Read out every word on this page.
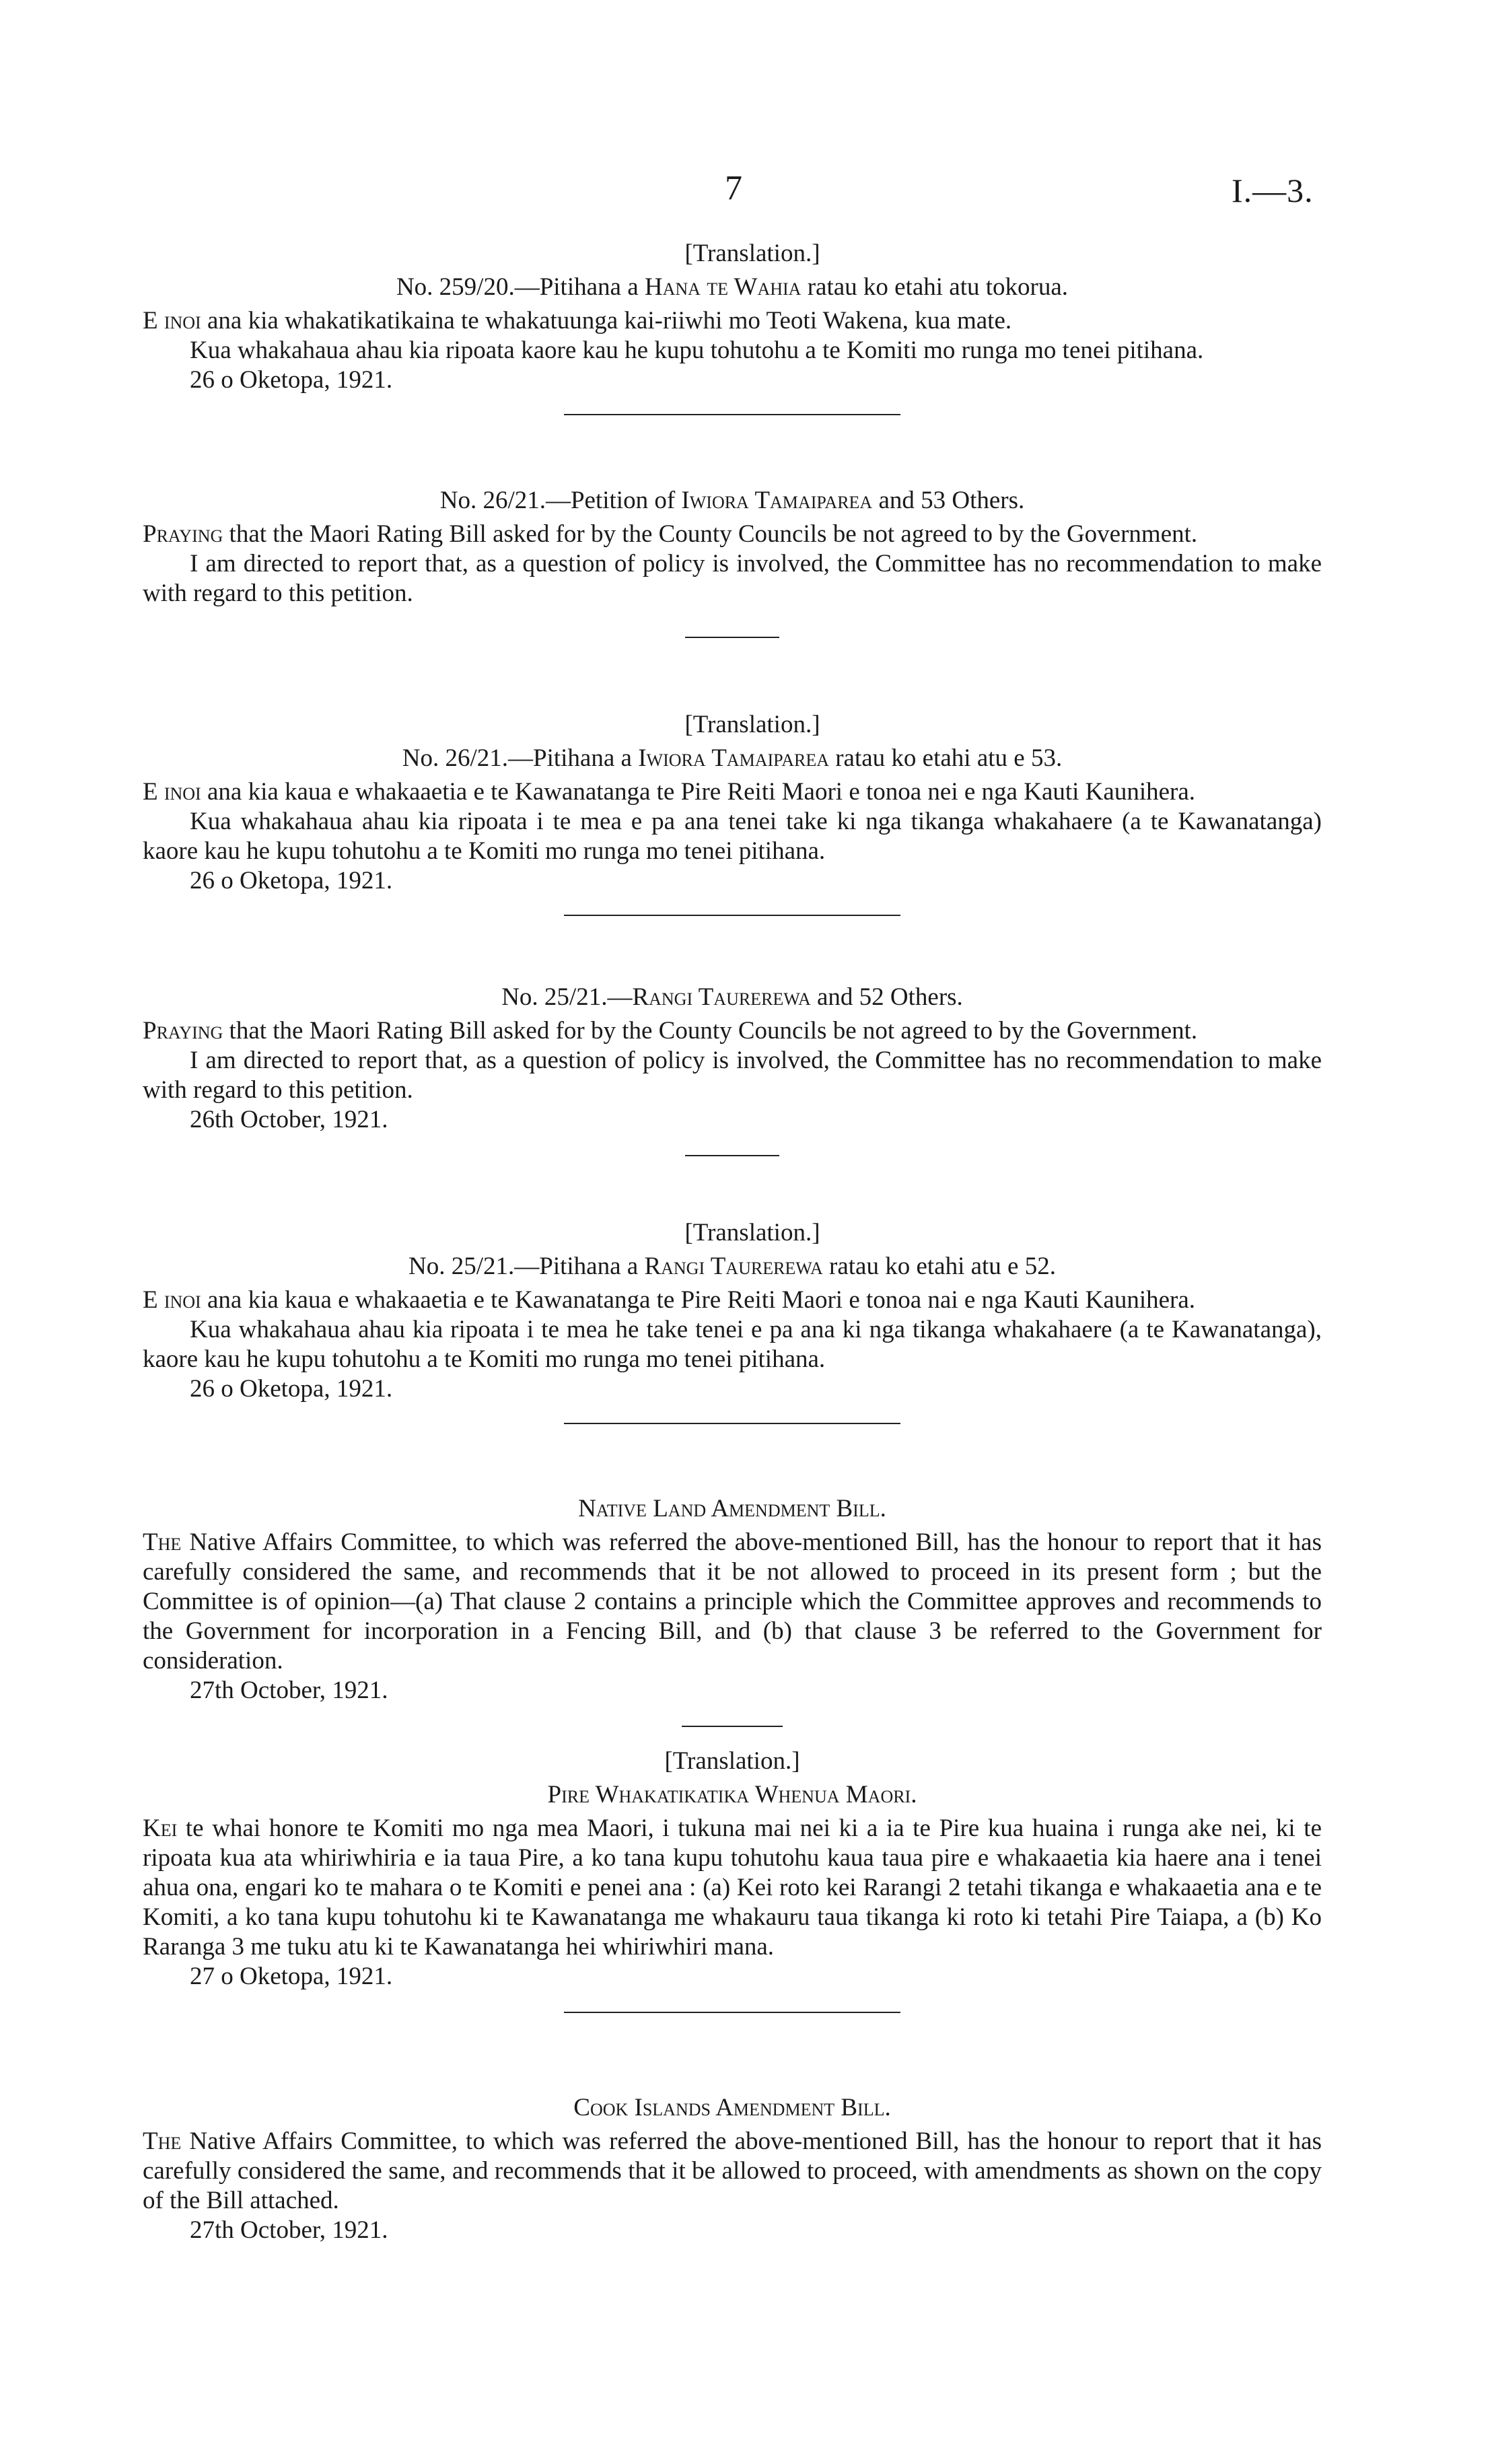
7	I.—3.
[Translation.]
No. 259/20.—Pitihana a Hana te Wahia ratau ko etahi atu tokorua.

E inoi ana kia whakatikatikaina te whakatuunga kai-riiwhi mo Teoti Wakena, kua mate.

Kua whakahaua ahau kia ripoata kaore kau he kupu tohutohu a te Komiti mo runga mo tenei pitihana.

26 o Oketopa, 1921.
No. 26/21.—Petition of Iwiora Tamaiparea and 53 Others.

Praying that the Maori Rating Bill asked for by the County Councils be not agreed to by the Government.

I am directed to report that, as a question of policy is involved, the Committee has no recommendation to make with regard to this petition.

[Translation.]
No. 26/21.—Pitihana a Iwiora Tamaiparea ratau ko etahi atu e 53.

E inoi ana kia kaua e whakaaetia e te Kawanatanga te Pire Reiti Maori e tonoa nei e nga Kauti Kaunihera.

Kua whakahaua ahau kia ripoata i te mea e pa ana tenei take ki nga tikanga whakahaere (a te Kawanatanga) kaore kau he kupu tohutohu a te Komiti mo runga mo tenei pitihana.

26 o Oketopa, 1921.
No. 25/21.—Rangi Taurerewa and 52 Others.

Praying that the Maori Rating Bill asked for by the County Councils be not agreed to by the Government.

I am directed to report that, as a question of policy is involved, the Committee has no recommendation to make with regard to this petition.

26th October, 1921.
[Translation.]
No. 25/21.—Pitihana a Rangi Taurerewa ratau ko etahi atu e 52.

E inoi ana kia kaua e whakaaetia e te Kawanatanga te Pire Reiti Maori e tonoa nai e nga Kauti Kaunihera.

Kua whakahaua ahau kia ripoata i te mea he take tenei e pa ana ki nga tikanga whakahaere (a te Kawanatanga), kaore kau he kupu tohutohu a te Komiti mo runga mo tenei pitihana.

26 o Oketopa, 1921.
Native Land Amendment Bill.

The Native Affairs Committee, to which was referred the above-mentioned Bill, has the honour to report that it has carefully considered the same, and recommends that it be not allowed to proceed in its present form ; but the Committee is of opinion—(a) That clause 2 contains a principle which the Committee approves and recommends to the Government for incorporation in a Fencing Bill, and (b) that clause 3 be referred to the Government for consideration.

27th October, 1921.
[Translation.]
Pire Whakatikatika Whenua Maori.

Kei te whai honore te Komiti mo nga mea Maori, i tukuna mai nei ki a ia te Pire kua huaina i runga ake nei, ki te ripoata kua ata whiriwhiria e ia taua Pire, a ko tana kupu tohutohu kaua taua pire e whakaaetia kia haere ana i tenei ahua ona, engari ko te mahara o te Komiti e penei ana : (a) Kei roto kei Rarangi 2 tetahi tikanga e whakaaetia ana e te Komiti, a ko tana kupu tohutohu ki te Kawanatanga me whakauru taua tikanga ki roto ki tetahi Pire Taiapa, a (b) Ko Raranga 3 me tuku atu ki te Kawanatanga hei whiriwhiri mana.

27 o Oketopa, 1921.
Cook Islands Amendment Bill.

The Native Affairs Committee, to which was referred the above-mentioned Bill, has the honour to report that it has carefully considered the same, and recommends that it be allowed to proceed, with amendments as shown on the copy of the Bill attached.

27th October, 1921.
